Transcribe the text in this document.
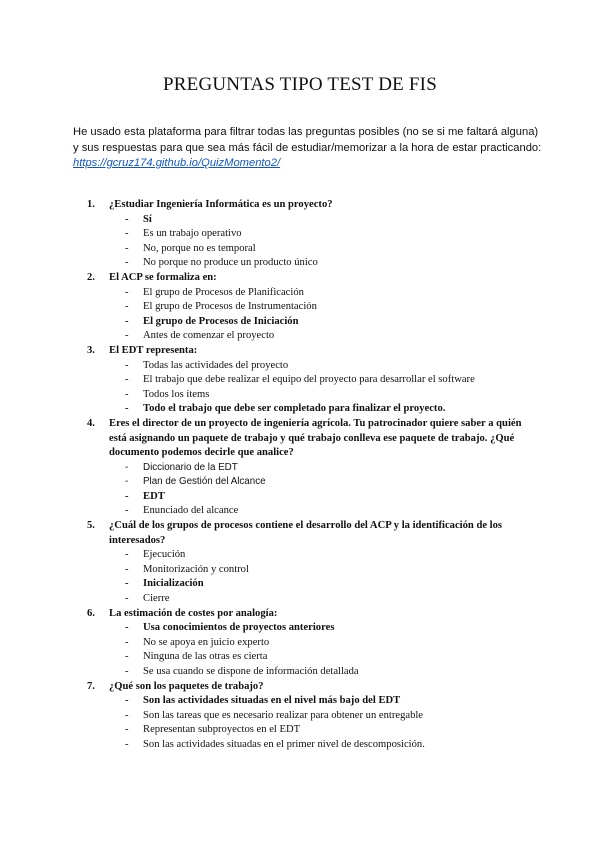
PREGUNTAS TIPO TEST DE FIS
He usado esta plataforma para filtrar todas las preguntas posibles (no se si me faltará alguna)
y sus respuestas para que sea más fácil de estudiar/memorizar a la hora de estar practicando:
https://gcruz174.github.io/QuizMomento2/
1.	¿Estudiar Ingeniería Informática es un proyecto?
-	Sí
-	Es un trabajo operativo
-	No, porque no es temporal
-	No porque no produce un producto único
2.	El ACP se formaliza en:
-	El grupo de Procesos de Planificación
-	El grupo de Procesos de Instrumentación
-	El grupo de Procesos de Iniciación
-	Antes de comenzar el proyecto
3.	El EDT representa:
-	Todas las actividades del proyecto
-	El trabajo que debe realizar el equipo del proyecto para desarrollar el software
-	Todos los ítems
-	Todo el trabajo que debe ser completado para finalizar el proyecto.
4.	Eres el director de un proyecto de ingeniería agrícola. Tu patrocinador quiere saber a quién está asignando un paquete de trabajo y qué trabajo conlleva ese paquete de trabajo. ¿Qué documento podemos decirle que analice?
-	Diccionario de la EDT
-	Plan de Gestión del Alcance
-	EDT
-	Enunciado del alcance
5.	¿Cuál de los grupos de procesos contiene el desarrollo del ACP y la identificación de los interesados?
-	Ejecución
-	Monitorización y control
-	Inicialización
-	Cierre
6.	La estimación de costes por analogía:
-	Usa conocimientos de proyectos anteriores
-	No se apoya en juicio experto
-	Ninguna de las otras es cierta
-	Se usa cuando se dispone de información detallada
7.	¿Qué son los paquetes de trabajo?
-	Son las actividades situadas en el nivel más bajo del EDT
-	Son las tareas que es necesario realizar para obtener un entregable
-	Representan subproyectos en el EDT
-	Son las actividades situadas en el primer nivel de descomposición.
